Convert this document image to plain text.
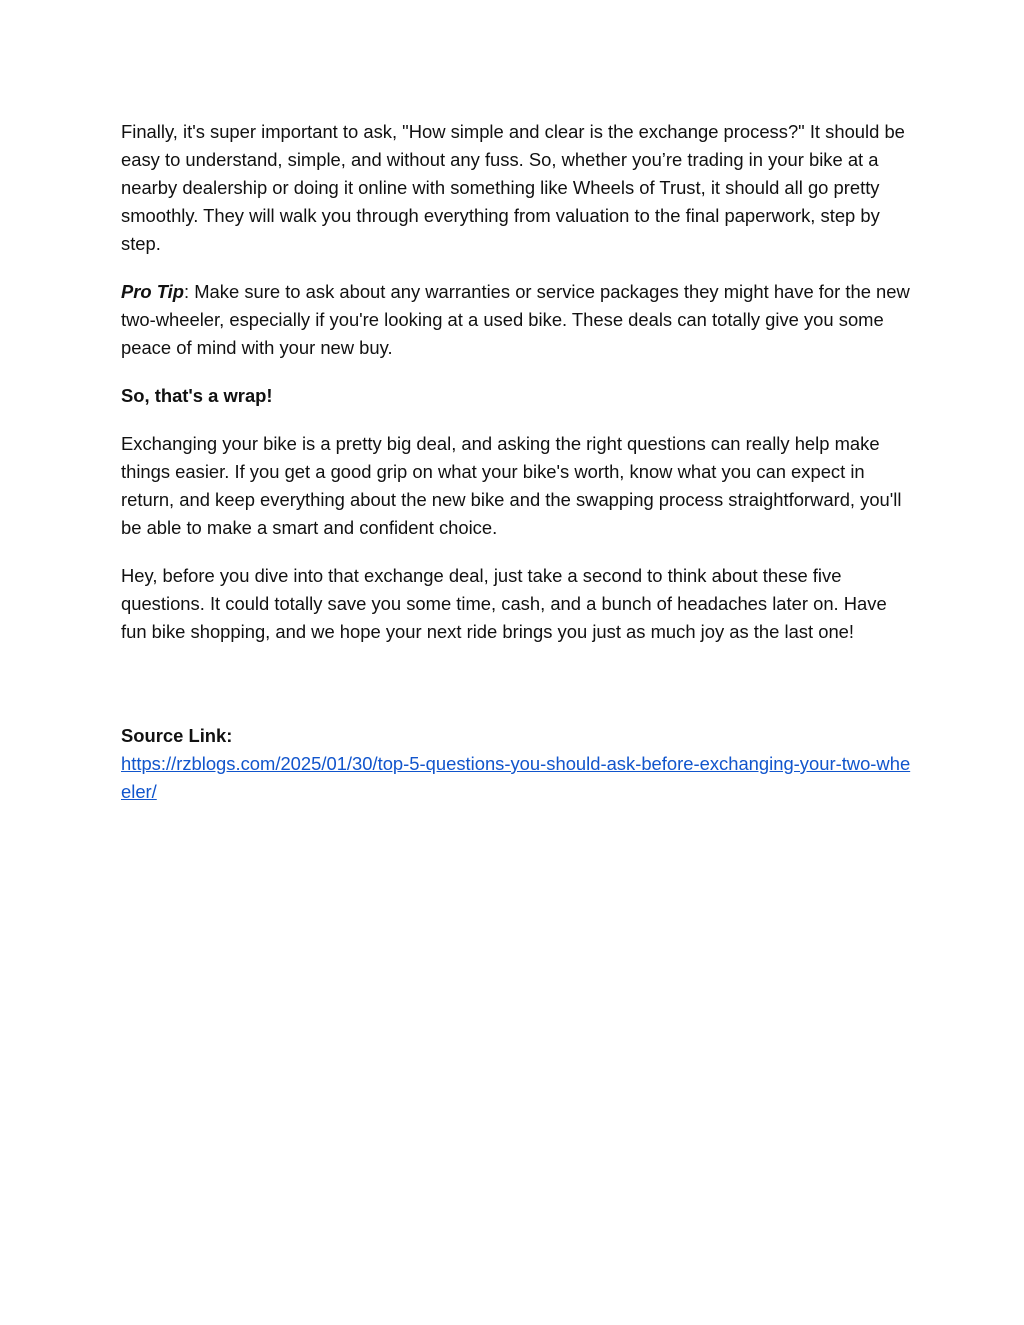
Finally, it's super important to ask, "How simple and clear is the exchange process?" It should be easy to understand, simple, and without any fuss. So, whether you’re trading in your bike at a nearby dealership or doing it online with something like Wheels of Trust, it should all go pretty smoothly. They will walk you through everything from valuation to the final paperwork, step by step.

Pro Tip: Make sure to ask about any warranties or service packages they might have for the new two-wheeler, especially if you're looking at a used bike. These deals can totally give you some peace of mind with your new buy.

So, that's a wrap!

Exchanging your bike is a pretty big deal, and asking the right questions can really help make things easier. If you get a good grip on what your bike's worth, know what you can expect in return, and keep everything about the new bike and the swapping process straightforward, you'll be able to make a smart and confident choice.

Hey, before you dive into that exchange deal, just take a second to think about these five questions. It could totally save you some time, cash, and a bunch of headaches later on. Have fun bike shopping, and we hope your next ride brings you just as much joy as the last one!

Source Link:
https://rzblogs.com/2025/01/30/top-5-questions-you-should-ask-before-exchanging-your-two-wheeler/
